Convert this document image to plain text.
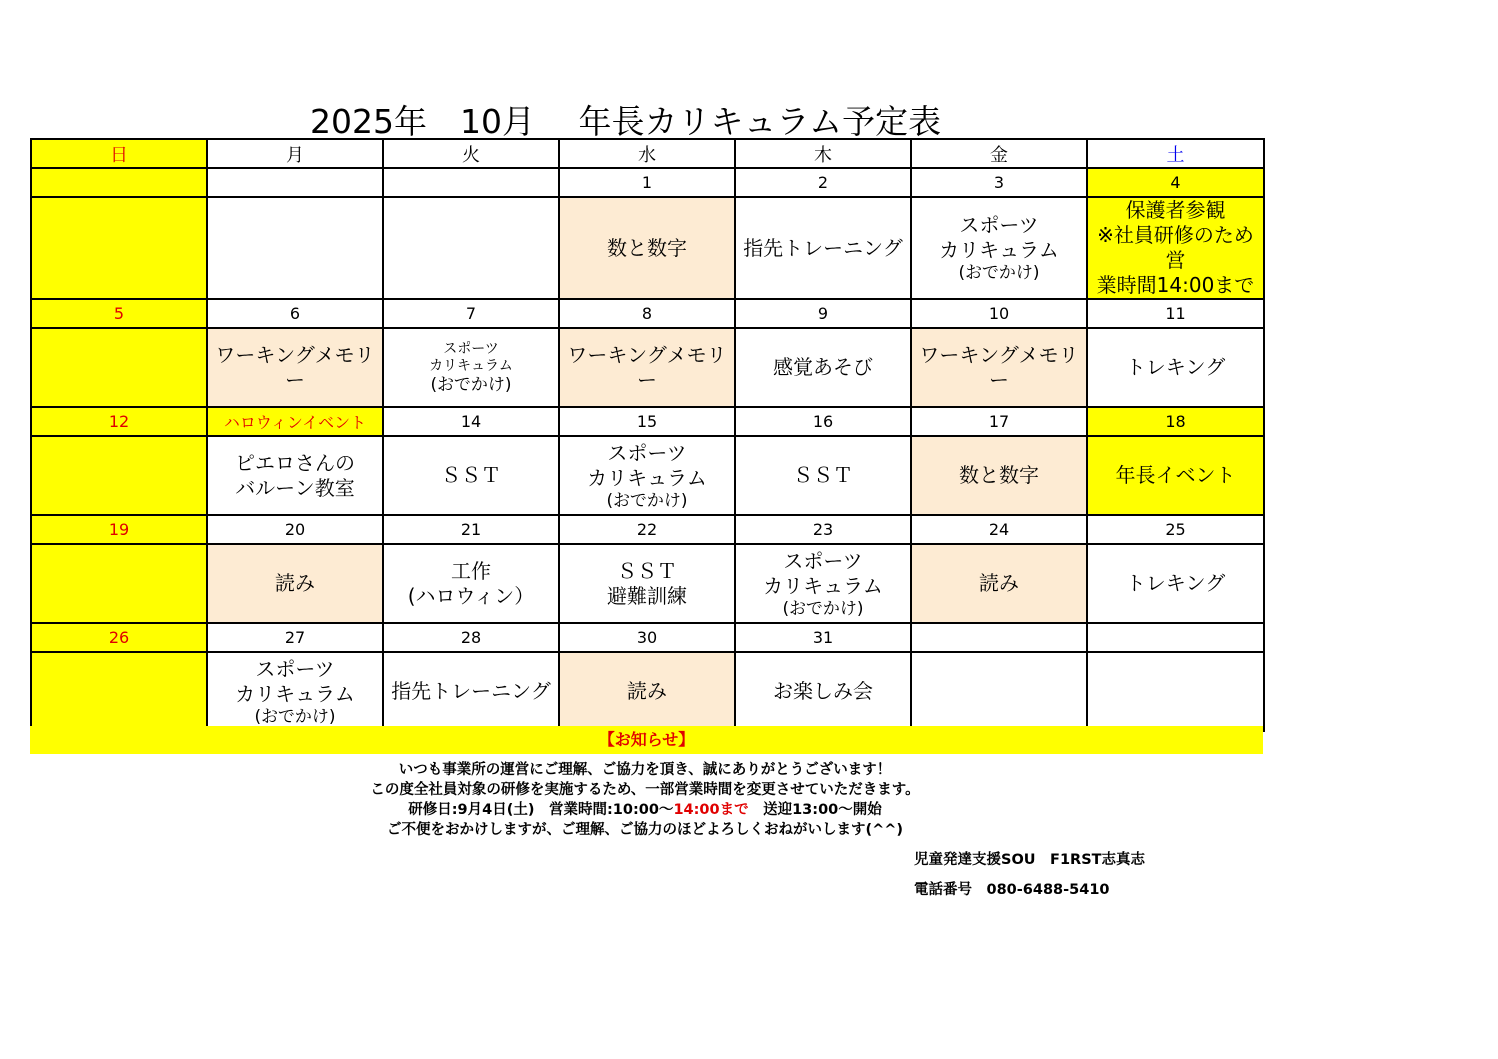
2025年　10月　 年長カリキュラム予定表
日	月	火	水	木	金	土
			1	2	3	4

			数と数字	指先トレーニング	スポーツ
カリキュラム
(おでかけ)	保護者参観
※社員研修のため営
業時間14:00まで

5	6	7	8	9	10	11

	ワーキングメモリー	スポーツ
カリキュラム
(おでかけ)	ワーキングメモリー	感覚あそび	ワーキングメモリー	トレキング

12	ハロウィンイベント	14	15	16	17	18

	ピエロさんの
バルーン教室	ＳＳＴ	スポーツ
カリキュラム
(おでかけ)	ＳＳＴ	数と数字	年長イベント

19	20	21	22	23	24	25

	読み	工作
(ハロウィン）	ＳＳＴ
避難訓練	スポーツ
カリキュラム
(おでかけ)	読み	トレキング

26	27	28	30	31		

	スポーツ
カリキュラム
(おでかけ)	指先トレーニング	読み	お楽しみ会		

【お知らせ】
いつも事業所の運営にご理解、ご協力を頂き、誠にありがとうございます！
この度全社員対象の研修を実施するため、一部営業時間を変更させていただきます。
研修日:9月4日(土)　営業時間:10:00〜14:00まで　送迎13:00〜開始
ご不便をおかけしますが、ご理解、ご協力のほどよろしくおねがいします(^^)
児童発達支援SOU　F1RST志真志
電話番号　080-6488-5410
